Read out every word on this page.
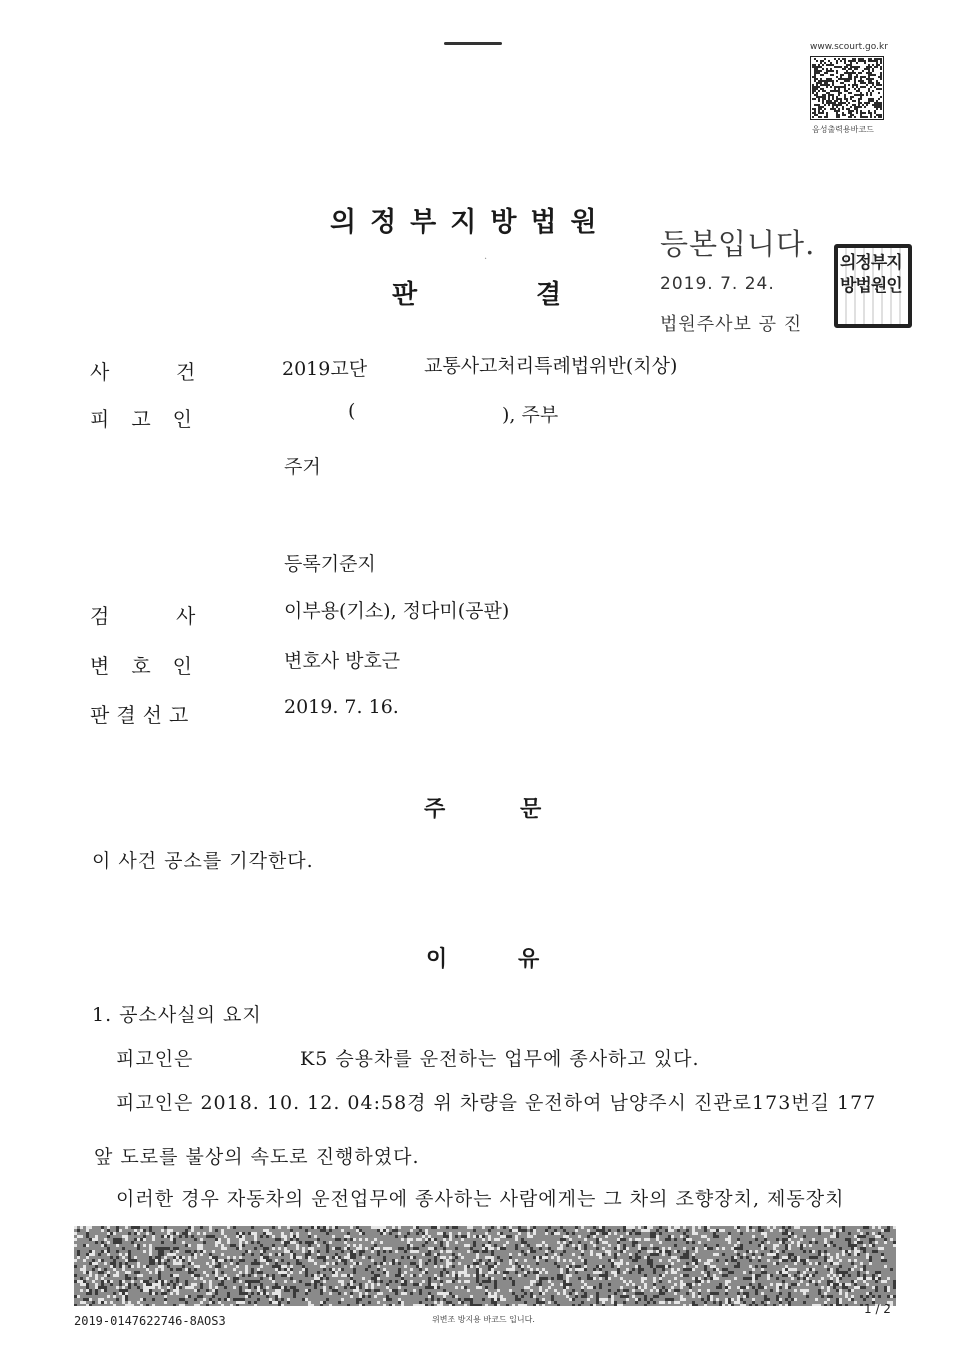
www.scourt.go.kr
음성출력용바코드
의정부지방법원
판	결
·	등본입니다.
2019. 7. 24.
법원주사보 공 진
의정부지방법원인
사	건	2019고단	교통사고처리특례법위반(치상)
피고인	(	), 주부
주거
등록기준지
검	사	이부용(기소), 정다미(공판)
변호인	변호사 방호근
판결선고	2019. 7. 16.
주	문
이 사건 공소를 기각한다.
이	유
1. 공소사실의 요지
피고인은	K5 승용차를 운전하는 업무에 종사하고 있다.
피고인은 2018. 10. 12. 04:58경 위 차량을 운전하여 남양주시 진관로173번길 177
앞 도로를 불상의 속도로 진행하였다.
이러한 경우 자동차의 운전업무에 종사하는 사람에게는 그 차의 조향장치, 제동장치
2019-0147622746-8AOS3	위변조 방지용 바코드 입니다.
1 / 2
